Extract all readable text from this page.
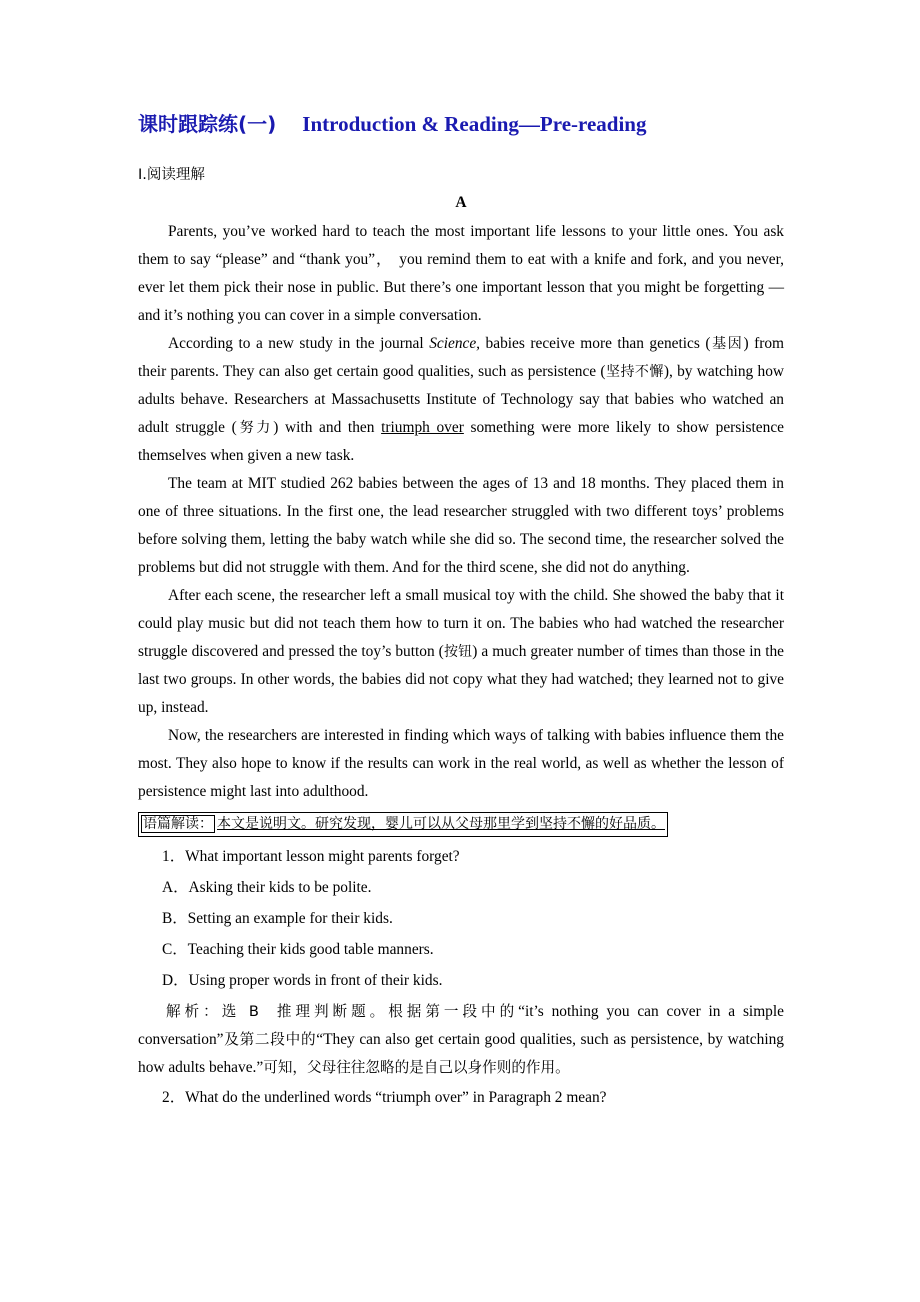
课时跟踪练(一) Introduction & Reading—Pre-reading
Ⅰ.阅读理解
A

Parents, you’ve worked hard to teach the most important life lessons to your little ones. You ask them to say “please” and “thank you”， you remind them to eat with a knife and fork, and you never, ever let them pick their nose in public. But there’s one important lesson that you might be forgetting — and it’s nothing you can cover in a simple conversation.

According to a new study in the journal Science, babies receive more than genetics (基因) from their parents. They can also get certain good qualities, such as persistence (坚持不懈), by watching how adults behave. Researchers at Massachusetts Institute of Technology say that babies who watched an adult struggle (努力) with and then triumph over something were more likely to show persistence themselves when given a new task.

The team at MIT studied 262 babies between the ages of 13 and 18 months. They placed them in one of three situations. In the first one, the lead researcher struggled with two different toys’ problems before solving them, letting the baby watch while she did so. The second time, the researcher solved the problems but did not struggle with them. And for the third scene, she did not do anything.

After each scene, the researcher left a small musical toy with the child. She showed the baby that it could play music but did not teach them how to turn it on. The babies who had watched the researcher struggle discovered and pressed the toy’s button (按钮) a much greater number of times than those in the last two groups. In other words, the babies did not copy what they had watched; they learned not to give up, instead.

Now, the researchers are interested in finding which ways of talking with babies influence them the most. They also hope to know if the results can work in the real world, as well as whether the lesson of persistence might last into adulthood.

语篇解读： 本文是说明文。研究发现，婴儿可以从父母那里学到坚持不懈的好品质。

1．What important lesson might parents forget?

A．Asking their kids to be polite.

B．Setting an example for their kids.

C．Teaching their kids good table manners.

D．Using proper words in front of their kids.

解析：选 B 推理判断题。根据第一段中的“it’s nothing you can cover in a simple conversation”及第二段中的“They can also get certain good qualities, such as persistence, by watching how adults behave.”可知，父母往往忽略的是自己以身作则的作用。

2．What do the underlined words “triumph over” in Paragraph 2 mean?
